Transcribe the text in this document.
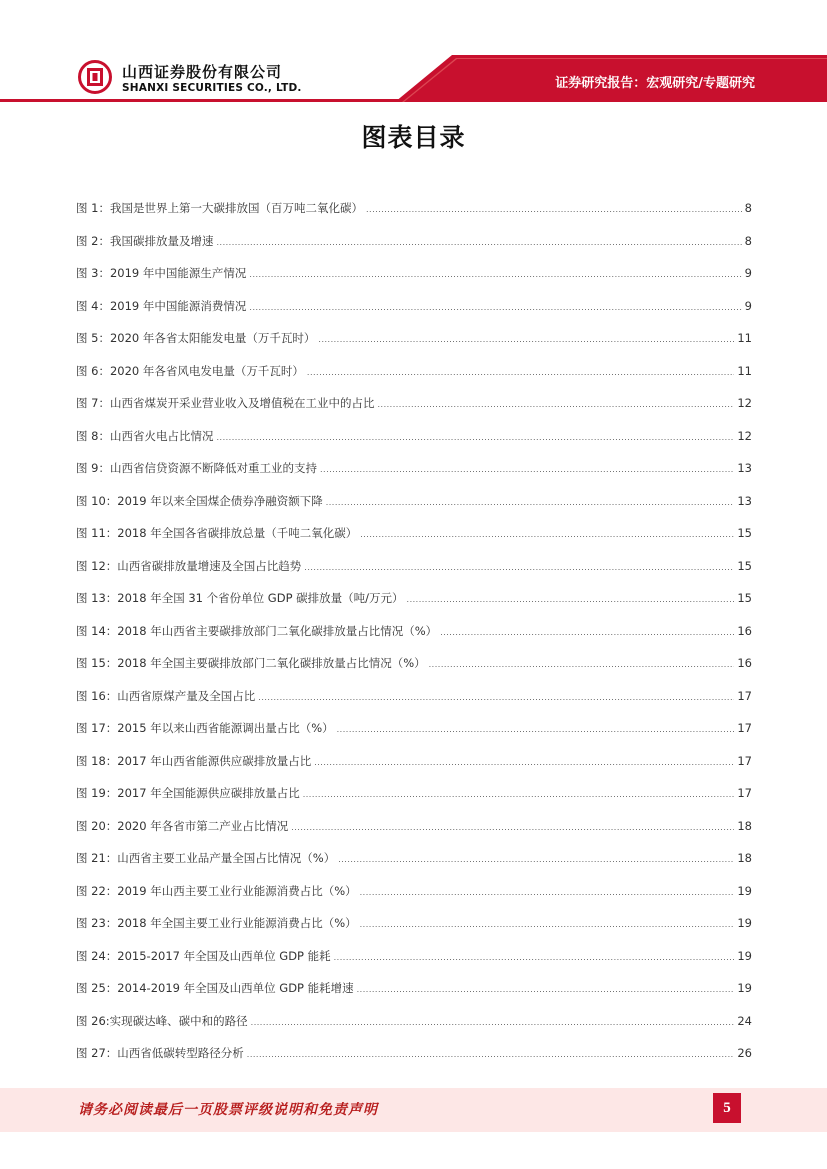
山西证券股份有限公司
SHANXI SECURITIES CO., LTD.	证券研究报告：宏观研究/专题研究
图表目录
图 1：我国是世界上第一大碳排放国（百万吨二氧化碳） .....	8
图 2：我国碳排放量及增速 .....	8
图 3：2019 年中国能源生产情况 .....	9
图 4：2019 年中国能源消费情况 .....	9
图 5：2020 年各省太阳能发电量（万千瓦时） .....	11
图 6：2020 年各省风电发电量（万千瓦时） .....	11
图 7：山西省煤炭开采业营业收入及增值税在工业中的占比 .....	12
图 8：山西省火电占比情况 .....	12
图 9：山西省信贷资源不断降低对重工业的支持 .....	13
图 10：2019 年以来全国煤企债券净融资额下降 .....	13
图 11：2018 年全国各省碳排放总量（千吨二氧化碳） .....	15
图 12：山西省碳排放量增速及全国占比趋势 .....	15
图 13：2018 年全国 31 个省份单位 GDP 碳排放量（吨/万元） .....	15
图 14：2018 年山西省主要碳排放部门二氧化碳排放量占比情况（%） .....	16
图 15：2018 年全国主要碳排放部门二氧化碳排放量占比情况（%） .....	16
图 16：山西省原煤产量及全国占比 .....	17
图 17：2015 年以来山西省能源调出量占比（%） .....	17
图 18：2017 年山西省能源供应碳排放量占比 .....	17
图 19：2017 年全国能源供应碳排放量占比 .....	17
图 20：2020 年各省市第二产业占比情况 .....	18
图 21：山西省主要工业品产量全国占比情况（%） .....	18
图 22：2019 年山西主要工业行业能源消费占比（%） .....	19
图 23：2018 年全国主要工业行业能源消费占比（%） .....	19
图 24：2015-2017 年全国及山西单位 GDP 能耗 .....	19
图 25：2014-2019 年全国及山西单位 GDP 能耗增速 .....	19
图 26:实现碳达峰、碳中和的路径 .....	24
图 27：山西省低碳转型路径分析 .....	26
请务必阅读最后一页股票评级说明和免责声明	5
